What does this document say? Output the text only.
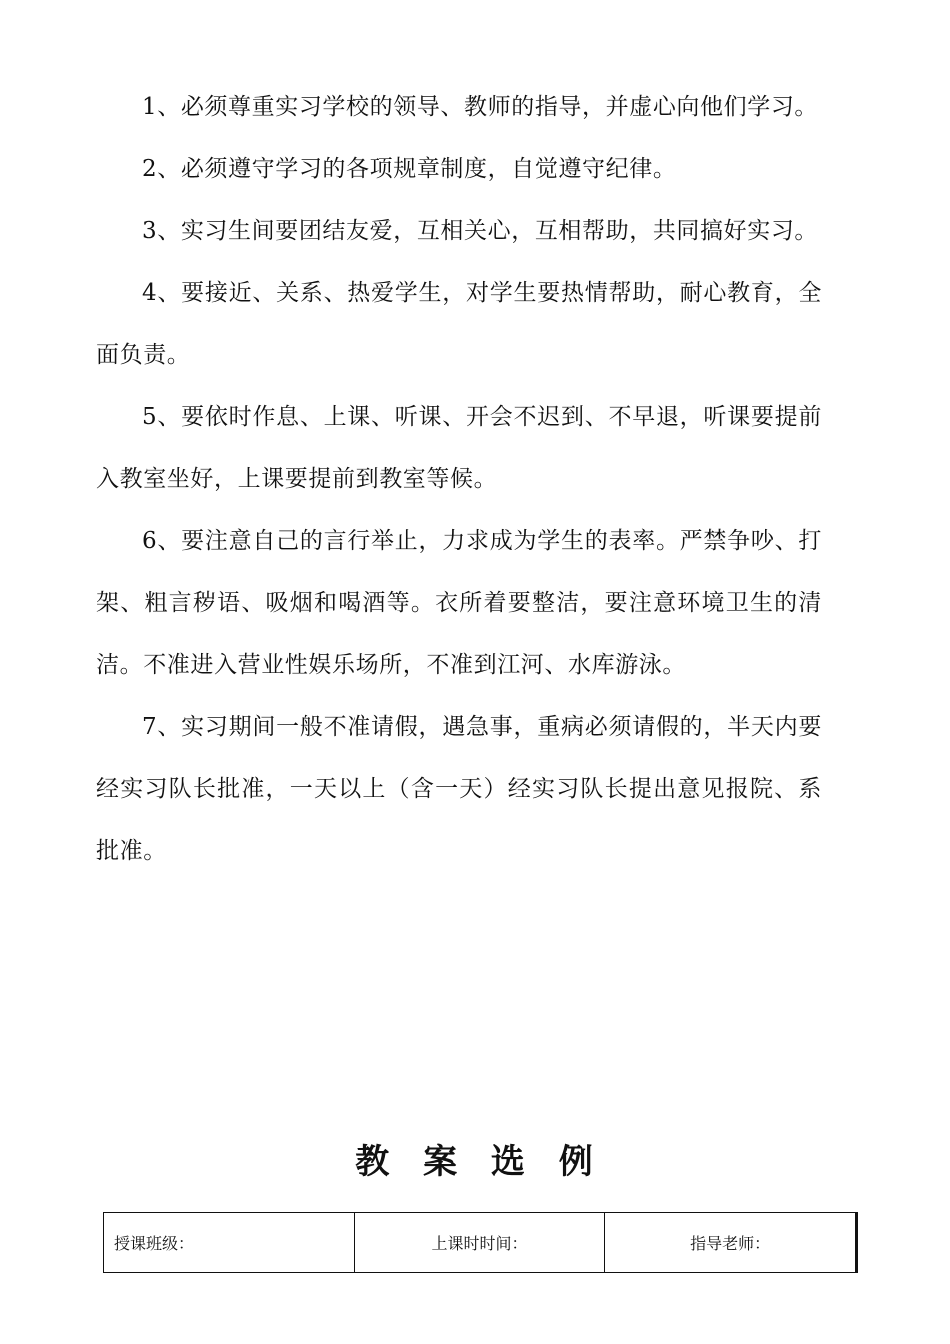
1、必须尊重实习学校的领导、教师的指导，并虚心向他们学习。

2、必须遵守学习的各项规章制度，自觉遵守纪律。

3、实习生间要团结友爱，互相关心，互相帮助，共同搞好实习。

4、要接近、关系、热爱学生，对学生要热情帮助，耐心教育，全面负责。

5、要依时作息、上课、听课、开会不迟到、不早退，听课要提前入教室坐好，上课要提前到教室等候。

6、要注意自己的言行举止，力求成为学生的表率。严禁争吵、打架、粗言秽语、吸烟和喝酒等。衣所着要整洁，要注意环境卫生的清洁。不准进入营业性娱乐场所，不准到江河、水库游泳。

7、实习期间一般不准请假，遇急事，重病必须请假的，半天内要经实习队长批准，一天以上（含一天）经实习队长提出意见报院、系批准。

教 案 选 例
授课班级：	上课时时间：	指导老师：
